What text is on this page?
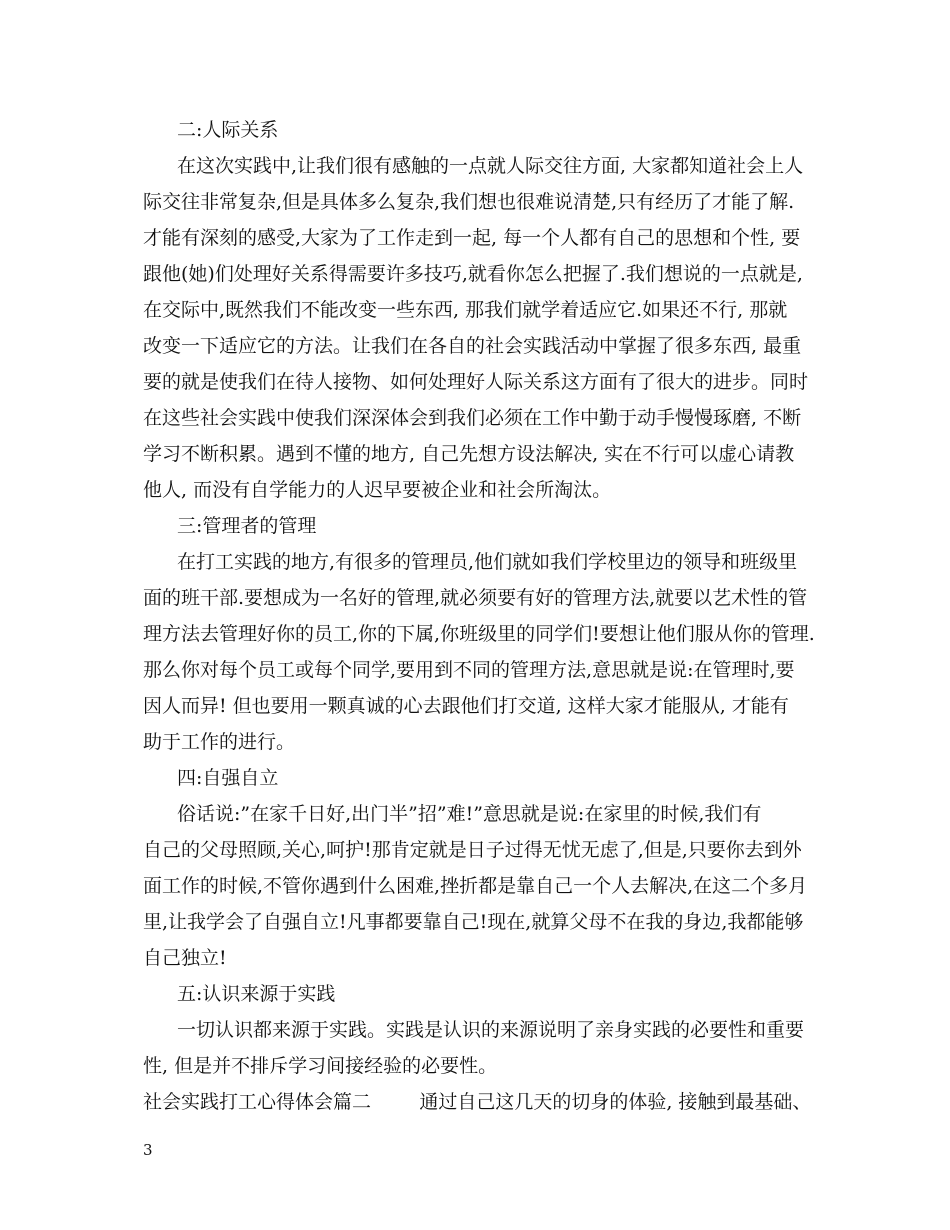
二:人际关系

在这次实践中,让我们很有感触的一点就人际交往方面, 大家都知道社会上人

际交往非常复杂,但是具体多么复杂,我们想也很难说清楚,只有经历了才能了解.

才能有深刻的感受,大家为了工作走到一起, 每一个人都有自己的思想和个性, 要

跟他(她)们处理好关系得需要许多技巧,就看你怎么把握了.我们想说的一点就是,

在交际中,既然我们不能改变一些东西, 那我们就学着适应它.如果还不行, 那就

改变一下适应它的方法。让我们在各自的社会实践活动中掌握了很多东西, 最重

要的就是使我们在待人接物、如何处理好人际关系这方面有了很大的进步。同时

在这些社会实践中使我们深深体会到我们必须在工作中勤于动手慢慢琢磨, 不断

学习不断积累。遇到不懂的地方, 自己先想方设法解决, 实在不行可以虚心请教

他人, 而没有自学能力的人迟早要被企业和社会所淘汰。

三:管理者的管理

在打工实践的地方,有很多的管理员,他们就如我们学校里边的领导和班级里

面的班干部.要想成为一名好的管理,就必须要有好的管理方法,就要以艺术性的管

理方法去管理好你的员工,你的下属,你班级里的同学们!要想让他们服从你的管理.

那么你对每个员工或每个同学,要用到不同的管理方法,意思就是说:在管理时,要

因人而异! 但也要用一颗真诚的心去跟他们打交道, 这样大家才能服从, 才能有

助于工作的进行。

四:自强自立

俗话说:”在家千日好,出门半”招”难!”意思就是说:在家里的时候,我们有

自己的父母照顾,关心,呵护!那肯定就是日子过得无忧无虑了,但是,只要你去到外

面工作的时候,不管你遇到什么困难,挫折都是靠自己一个人去解决,在这二个多月

里,让我学会了自强自立!凡事都要靠自己!现在,就算父母不在我的身边,我都能够

自己独立!

五:认识来源于实践

一切认识都来源于实践。实践是认识的来源说明了亲身实践的必要性和重要

性, 但是并不排斥学习间接经验的必要性。

社会实践打工心得体会篇二        通过自己这几天的切身的体验, 接触到最基础、

3
